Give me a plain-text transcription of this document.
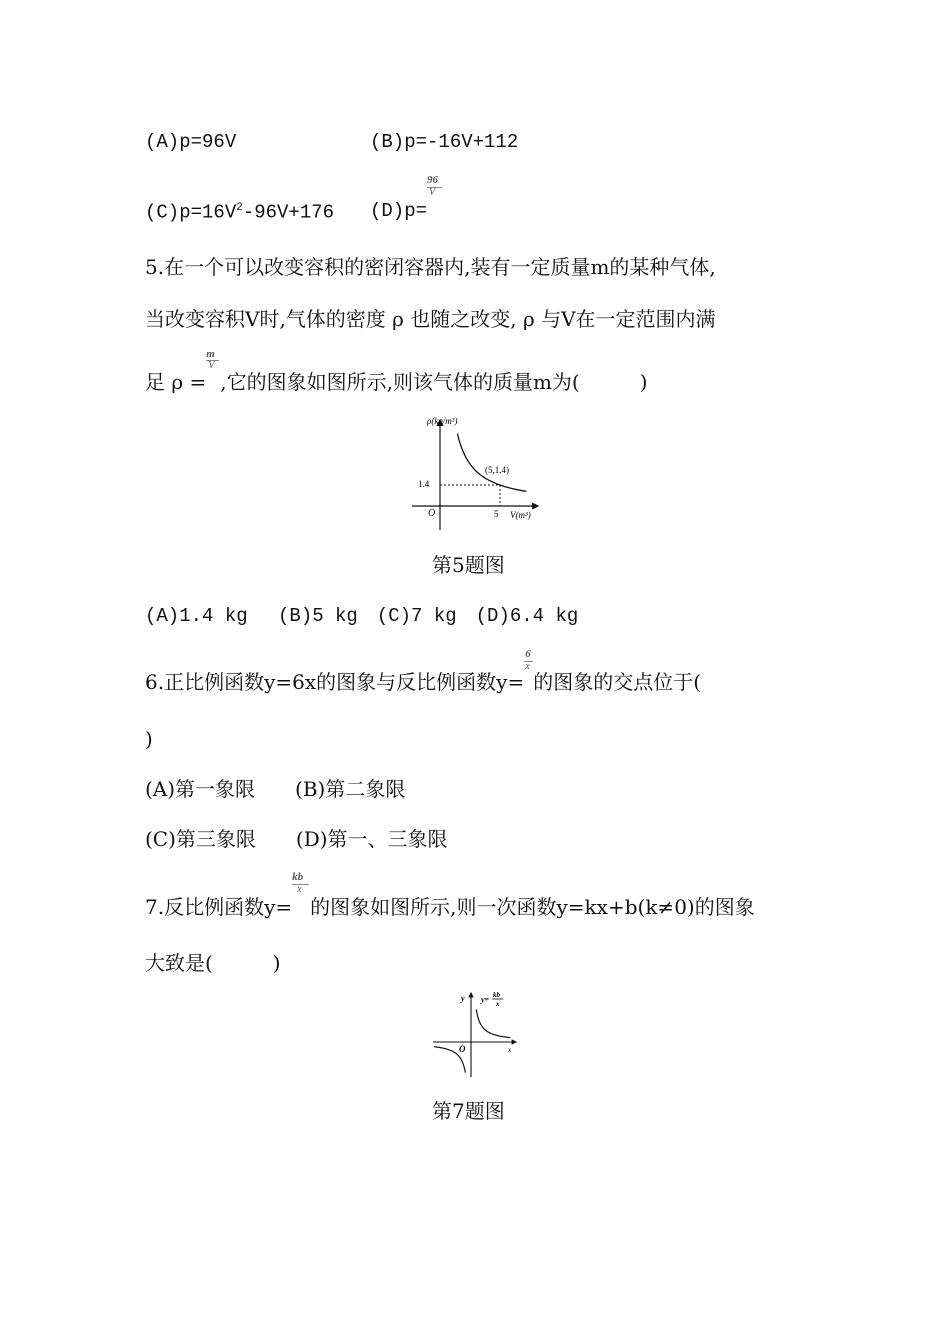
(A)p=96V	(B)p=-16V+112
$(C)p=16V^2-96V+176$ $(D)p= \frac{96}{V}$
5.在一个可以改变容积的密闭容器内,装有一定质量m的某种气体,
当改变容积V时,气体的密度 ρ 也随之改变, ρ 与V在一定范围内满
足 $\rho = \frac{m}{V}$ ,它的图象如图所示,则该气体的质量m为(　　　)
ρ(kg/m³)
V(m³)
O
1.4
5
(5,1.4)
第5题图
(A)1.4 kg　 (B)5 kg　(C)7 kg　(D)6.4 kg
6.正比例函数y=6x的图象与反比例函数$y= \frac{6}{x}$ 的图象的交点位于(
)
(A)第一象限　　(B)第二象限
(C)第三象限　　(D)第一、三象限
7.反比例函数$y= \frac{kb}{x}$ 的图象如图所示,则一次函数y=kx+b(k≠0)的图象
大致是(　　　)
y y= kb
x
O	x
第7题图
